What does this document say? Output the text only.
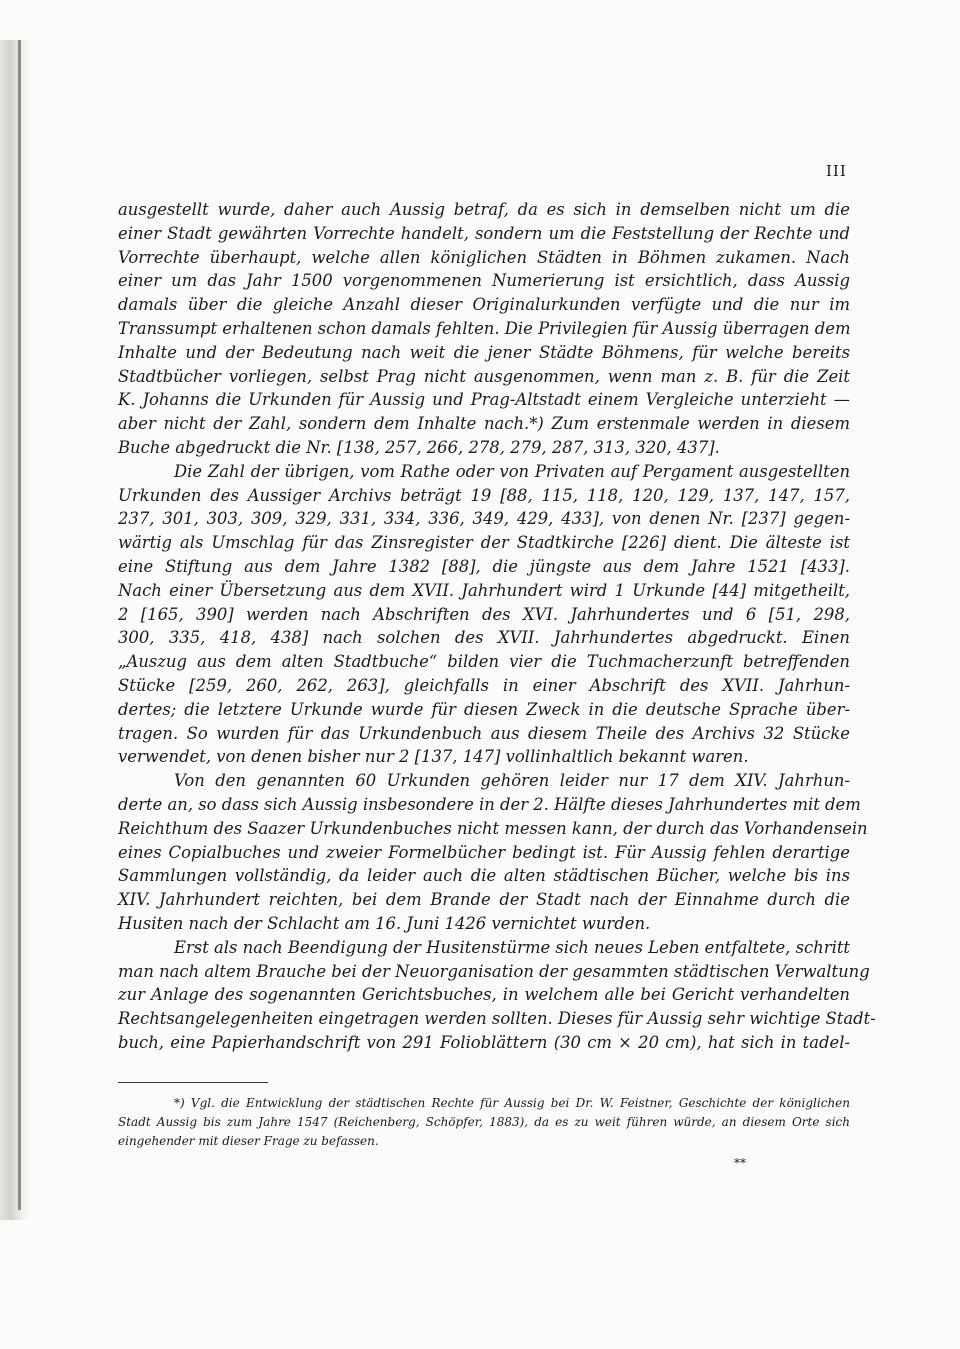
III
ausgestellt wurde, daher auch Aussig betraf, da es sich in demselben nicht um die
einer Stadt gewährten Vorrechte handelt, sondern um die Feststellung der Rechte und
Vorrechte überhaupt, welche allen königlichen Städten in Böhmen zukamen. Nach
einer um das Jahr 1500 vorgenommenen Numerierung ist ersichtlich, dass Aussig
damals über die gleiche Anzahl dieser Originalurkunden verfügte und die nur im
Transsumpt erhaltenen schon damals fehlten. Die Privilegien für Aussig überragen dem
Inhalte und der Bedeutung nach weit die jener Städte Böhmens, für welche bereits
Stadtbücher vorliegen, selbst Prag nicht ausgenommen, wenn man z. B. für die Zeit
K. Johanns die Urkunden für Aussig und Prag-Altstadt einem Vergleiche unterzieht —
aber nicht der Zahl, sondern dem Inhalte nach.*) Zum erstenmale werden in diesem
Buche abgedruckt die Nr. [138, 257, 266, 278, 279, 287, 313, 320, 437].
Die Zahl der übrigen, vom Rathe oder von Privaten auf Pergament ausgestellten
Urkunden des Aussiger Archivs beträgt 19 [88, 115, 118, 120, 129, 137, 147, 157,
237, 301, 303, 309, 329, 331, 334, 336, 349, 429, 433], von denen Nr. [237] gegen-
wärtig als Umschlag für das Zinsregister der Stadtkirche [226] dient. Die älteste ist
eine Stiftung aus dem Jahre 1382 [88], die jüngste aus dem Jahre 1521 [433].
Nach einer Übersetzung aus dem XVII. Jahrhundert wird 1 Urkunde [44] mitgetheilt,
2 [165, 390] werden nach Abschriften des XVI. Jahrhundertes und 6 [51, 298,
300, 335, 418, 438] nach solchen des XVII. Jahrhundertes abgedruckt. Einen
„Auszug aus dem alten Stadtbuche“ bilden vier die Tuchmacherzunft betreffenden
Stücke [259, 260, 262, 263], gleichfalls in einer Abschrift des XVII. Jahrhun-
dertes; die letztere Urkunde wurde für diesen Zweck in die deutsche Sprache über-
tragen. So wurden für das Urkundenbuch aus diesem Theile des Archivs 32 Stücke
verwendet, von denen bisher nur 2 [137, 147] vollinhaltlich bekannt waren.
Von den genannten 60 Urkunden gehören leider nur 17 dem XIV. Jahrhun-
derte an, so dass sich Aussig insbesondere in der 2. Hälfte dieses Jahrhundertes mit dem
Reichthum des Saazer Urkundenbuches nicht messen kann, der durch das Vorhandensein
eines Copialbuches und zweier Formelbücher bedingt ist. Für Aussig fehlen derartige
Sammlungen vollständig, da leider auch die alten städtischen Bücher, welche bis ins
XIV. Jahrhundert reichten, bei dem Brande der Stadt nach der Einnahme durch die
Husiten nach der Schlacht am 16. Juni 1426 vernichtet wurden.
Erst als nach Beendigung der Husitenstürme sich neues Leben entfaltete, schritt
man nach altem Brauche bei der Neuorganisation der gesammten städtischen Verwaltung
zur Anlage des sogenannten Gerichtsbuches, in welchem alle bei Gericht verhandelten
Rechtsangelegenheiten eingetragen werden sollten. Dieses für Aussig sehr wichtige Stadt-
buch, eine Papierhandschrift von 291 Folioblättern (30 cm × 20 cm), hat sich in tadel-
*) Vgl. die Entwicklung der städtischen Rechte für Aussig bei Dr. W. Feistner, Geschichte der königlichen
Stadt Aussig bis zum Jahre 1547 (Reichenberg, Schöpfer, 1883), da es zu weit führen würde, an diesem Orte sich
eingehender mit dieser Frage zu befassen.
**
